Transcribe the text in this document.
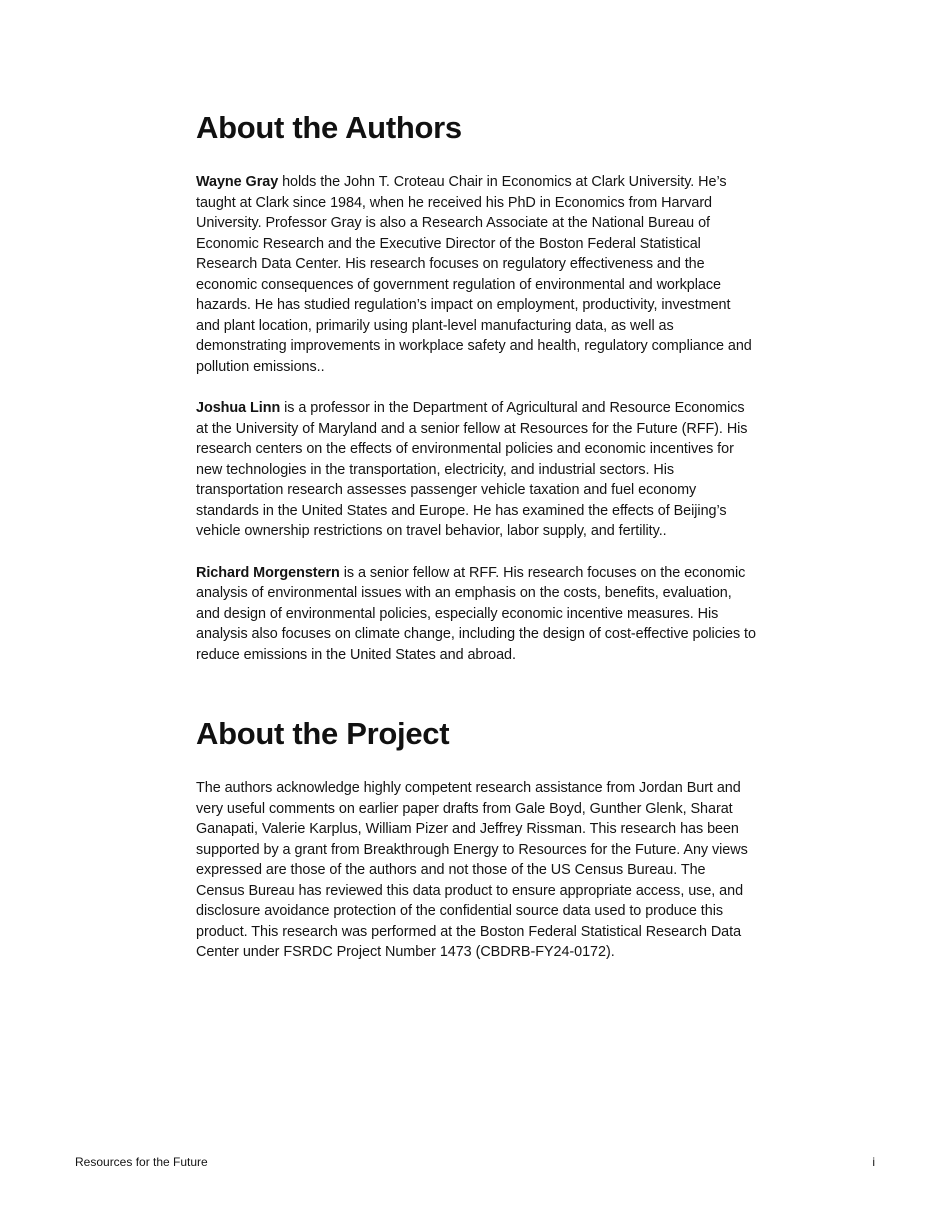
About the Authors

Wayne Gray holds the John T. Croteau Chair in Economics at Clark University. He’s taught at Clark since 1984, when he received his PhD in Economics from Harvard University. Professor Gray is also a Research Associate at the National Bureau of Economic Research and the Executive Director of the Boston Federal Statistical Research Data Center. His research focuses on regulatory effectiveness and the economic consequences of government regulation of environmental and workplace hazards. He has studied regulation’s impact on employment, productivity, investment and plant location, primarily using plant-level manufacturing data, as well as demonstrating improvements in workplace safety and health, regulatory compliance and pollution emissions..

Joshua Linn is a professor in the Department of Agricultural and Resource Economics at the University of Maryland and a senior fellow at Resources for the Future (RFF). His research centers on the effects of environmental policies and economic incentives for new technologies in the transportation, electricity, and industrial sectors. His transportation research assesses passenger vehicle taxation and fuel economy standards in the United States and Europe. He has examined the effects of Beijing’s vehicle ownership restrictions on travel behavior, labor supply, and fertility..

Richard Morgenstern is a senior fellow at RFF. His research focuses on the economic analysis of environmental issues with an emphasis on the costs, benefits, evaluation, and design of environmental policies, especially economic incentive measures. His analysis also focuses on climate change, including the design of cost-effective policies to reduce emissions in the United States and abroad.

About the Project

The authors acknowledge highly competent research assistance from Jordan Burt and very useful comments on earlier paper drafts from Gale Boyd, Gunther Glenk, Sharat Ganapati, Valerie Karplus, William Pizer and Jeffrey Rissman. This research has been supported by a grant from Breakthrough Energy to Resources for the Future. Any views expressed are those of the authors and not those of the US Census Bureau. The Census Bureau has reviewed this data product to ensure appropriate access, use, and disclosure avoidance protection of the confidential source data used to produce this product. This research was performed at the Boston Federal Statistical Research Data Center under FSRDC Project Number 1473 (CBDRB-FY24-0172).

Resources for the Future	i
